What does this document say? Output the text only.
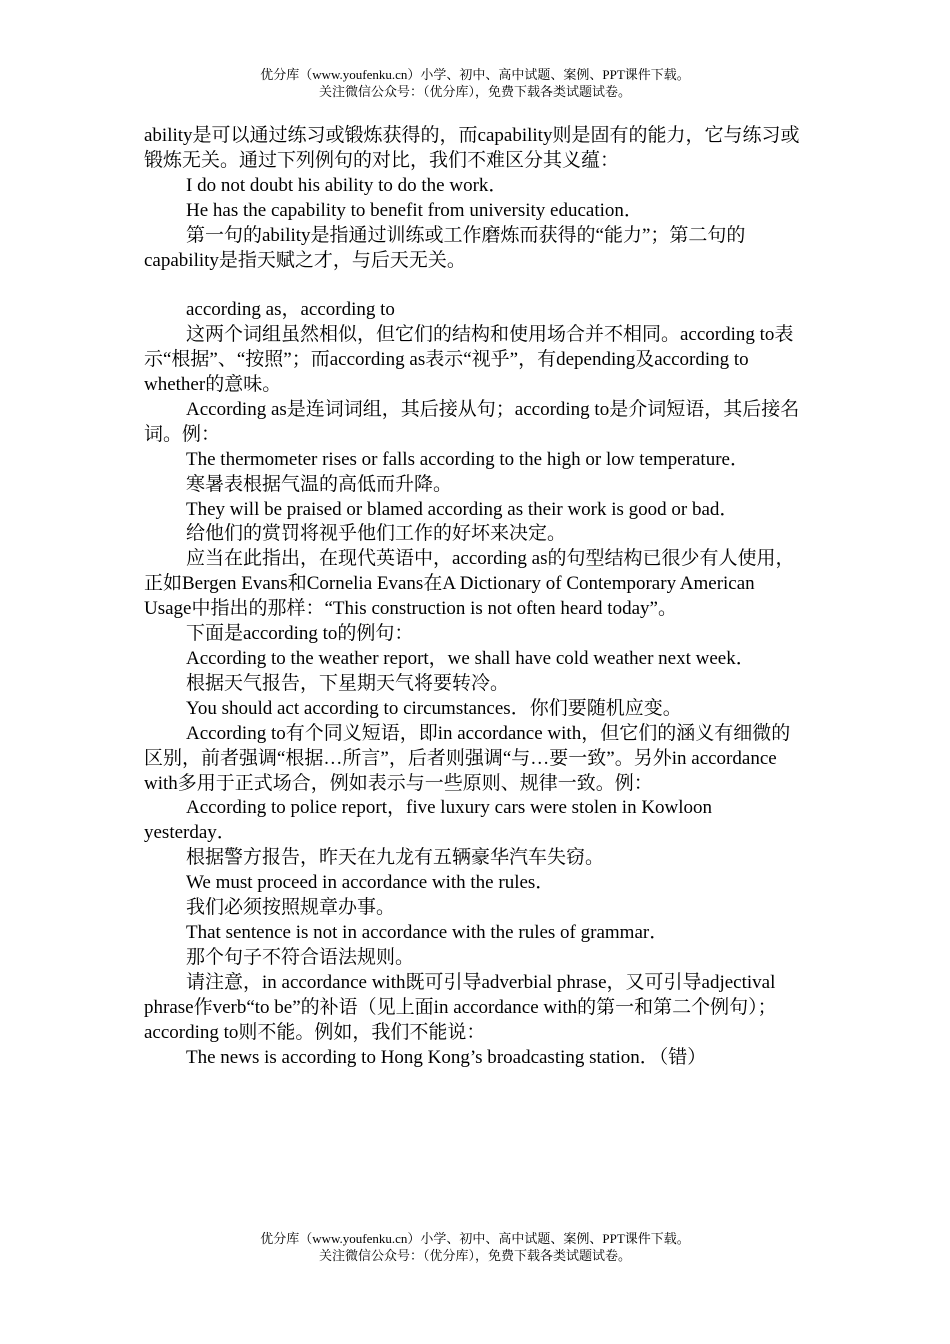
优分库（www.youfenku.cn）小学、初中、高中试题、案例、PPT课件下载。
关注微信公众号：（优分库），免费下载各类试题试卷。

ability是可以通过练习或锻炼获得的，而capability则是固有的能力，它与练习或锻炼无关。通过下列例句的对比，我们不难区分其义蕴：

I do not doubt his ability to do the work．

He has the capability to benefit from university education．

第一句的ability是指通过训练或工作磨炼而获得的“能力”；第二句的capability是指天赋之才，与后天无关。

according as，according to

这两个词组虽然相似，但它们的结构和使用场合并不相同。according to表示“根据”、“按照”；而according as表示“视乎”，有depending及according to whether的意味。

According as是连词词组，其后接从句；according to是介词短语，其后接名词。例：

The thermometer rises or falls according to the high or low temperature．

寒暑表根据气温的高低而升降。

They will be praised or blamed according as their work is good or bad．

给他们的赏罚将视乎他们工作的好坏来决定。

应当在此指出，在现代英语中，according as的句型结构已很少有人使用，正如Bergen Evans和Cornelia Evans在A Dictionary of Contemporary American Usage中指出的那样：“This construction is not often heard today”。

下面是according to的例句：

According to the weather report，we shall have cold weather next week．

根据天气报告，下星期天气将要转冷。

You should act according to circumstances．你们要随机应变。

According to有个同义短语，即in accordance with，但它们的涵义有细微的区别，前者强调“根据…所言”，后者则强调“与…要一致”。另外in accordance with多用于正式场合，例如表示与一些原则、规律一致。例：

According to police report，five luxury cars were stolen in Kowloon yesterday．

根据警方报告，昨天在九龙有五辆豪华汽车失窃。

We must proceed in accordance with the rules．

我们必须按照规章办事。

That sentence is not in accordance with the rules of grammar．

那个句子不符合语法规则。

请注意，in accordance with既可引导adverbial phrase，又可引导adjectival phrase作verb“to be”的补语（见上面in accordance with的第一和第二个例句）；according to则不能。例如，我们不能说：

The news is according to Hong Kong’s broadcasting station．（错）

优分库（www.youfenku.cn）小学、初中、高中试题、案例、PPT课件下载。
关注微信公众号：（优分库），免费下载各类试题试卷。
